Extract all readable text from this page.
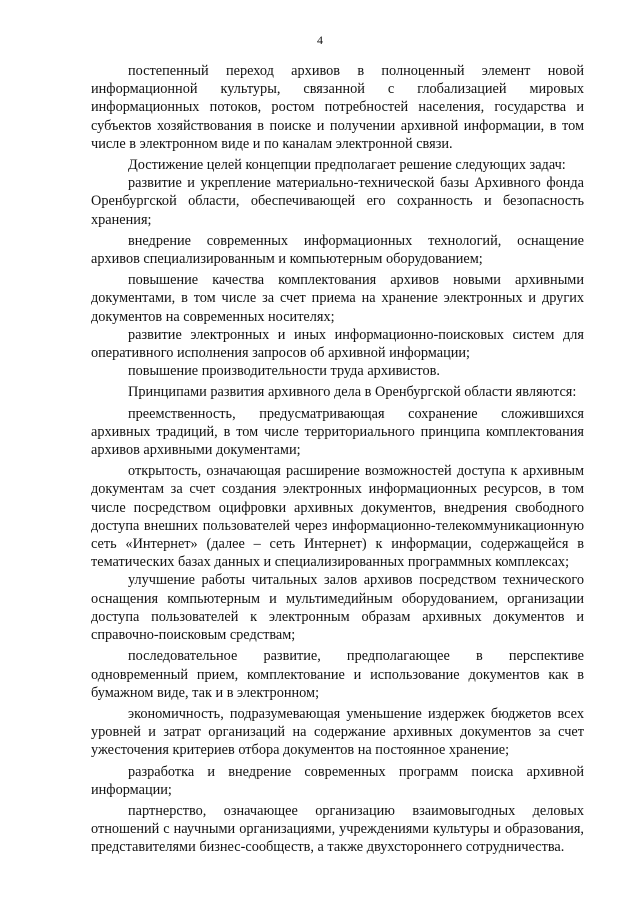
4

постепенный переход архивов в полноценный элемент новой информационной культуры, связанной с глобализацией мировых информационных потоков, ростом потребностей населения, государства и субъектов хозяйствования в поиске и получении архивной информации, в том числе в электронном виде и по каналам электронной связи.

Достижение целей концепции предполагает решение следующих задач:

развитие и укрепление материально-технической базы Архивного фонда Оренбургской области, обеспечивающей его сохранность и безопасность хранения;

внедрение современных информационных технологий, оснащение архивов специализированным и компьютерным оборудованием;

повышение качества комплектования архивов новыми архивными документами, в том числе за счет приема на хранение электронных и других документов на современных носителях;

развитие электронных и иных информационно-поисковых систем для оперативного исполнения запросов об архивной информации;

повышение производительности труда архивистов.

Принципами развития архивного дела в Оренбургской области являются:

преемственность, предусматривающая сохранение сложившихся архивных традиций, в том числе территориального принципа комплектования архивов архивными документами;

открытость, означающая расширение возможностей доступа к архивным документам за счет создания электронных информационных ресурсов, в том числе посредством оцифровки архивных документов, внедрения свободного доступа внешних пользователей через информационно-телекоммуникационную сеть «Интернет» (далее – сеть Интернет) к информации, содержащейся в тематических базах данных и специализированных программных комплексах;

улучшение работы читальных залов архивов посредством технического оснащения компьютерным и мультимедийным оборудованием, организации доступа пользователей к электронным образам архивных документов и справочно-поисковым средствам;

последовательное развитие, предполагающее в перспективе одновременный прием, комплектование и использование документов как в бумажном виде, так и в электронном;

экономичность, подразумевающая уменьшение издержек бюджетов всех уровней и затрат организаций на содержание архивных документов за счет ужесточения критериев отбора документов на постоянное хранение;

разработка и внедрение современных программ поиска архивной информации;

партнерство, означающее организацию взаимовыгодных деловых отношений с научными организациями, учреждениями культуры и образования, представителями бизнес-сообществ, а также двухстороннего сотрудничества.
